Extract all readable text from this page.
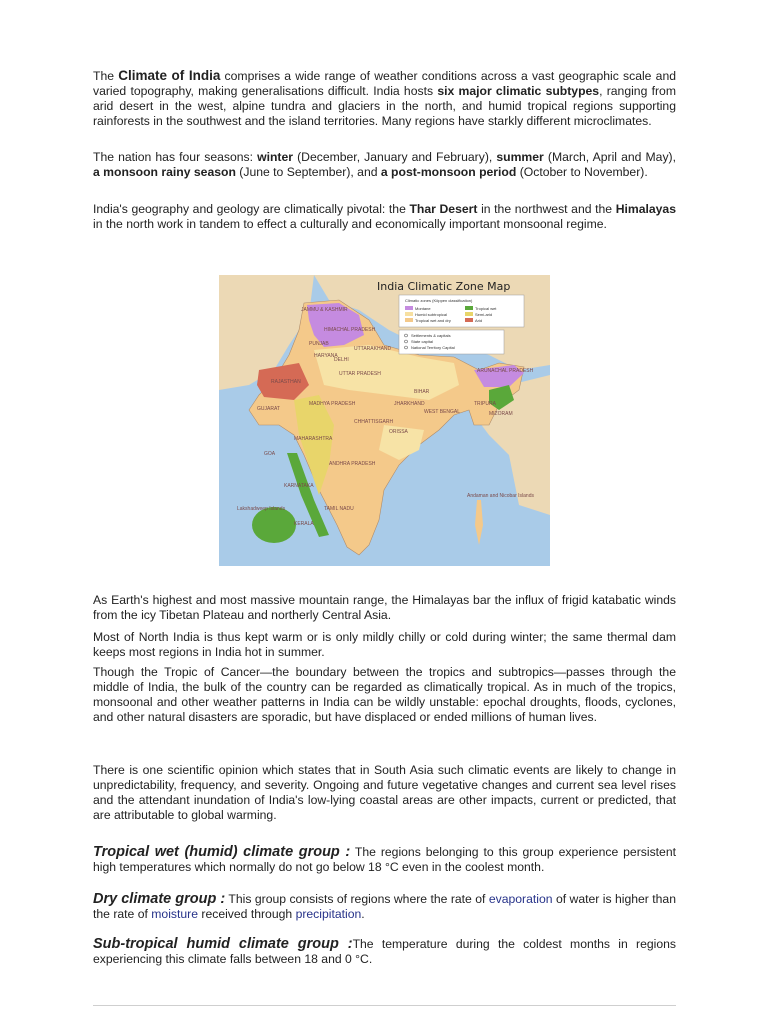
The Climate of India comprises a wide range of weather conditions across a vast geographic scale and varied topography, making generalisations difficult. India hosts six major climatic subtypes, ranging from arid desert in the west, alpine tundra and glaciers in the north, and humid tropical regions supporting rainforests in the southwest and the island territories. Many regions have starkly different microclimates.

The nation has four seasons: winter (December, January and February), summer (March, April and May), a monsoon rainy season (June to September), and a post-monsoon period (October to November).

India's geography and geology are climatically pivotal: the Thar Desert in the northwest and the Himalayas in the north work in tandem to effect a culturally and economically important monsoonal regime.

India Climatic Zone Map
Climatic zones (Köppen classification)
Montane
Humid subtropical
Tropical wet and dry
Tropical wet
Semi-arid
Arid
Settlements & capitals
State capital
National Territory Capital
JAMMU & KASHMIR
HIMACHAL PRADESH
PUNJAB
UTTARAKHAND
HARYANA
DELHI
RAJASTHAN
UTTAR PRADESH
GUJARAT
MADHYA PRADESH
BIHAR
JHARKHAND
WEST BENGAL
CHHATTISGARH
ORISSA
MAHARASHTRA
ANDHRA PRADESH
KARNATAKA
GOA
KERALA
TAMIL NADU
ARUNACHAL PRADESH
MIZORAM
TRIPURA
Lakshadweep Islands
Andaman and Nicobar Islands

As Earth's highest and most massive mountain range, the Himalayas bar the influx of frigid katabatic winds from the icy Tibetan Plateau and northerly Central Asia.

Most of North India is thus kept warm or is only mildly chilly or cold during winter; the same thermal dam keeps most regions in India hot in summer.

Though the Tropic of Cancer—the boundary between the tropics and subtropics—passes through the middle of India, the bulk of the country can be regarded as climatically tropical. As in much of the tropics, monsoonal and other weather patterns in India can be wildly unstable: epochal droughts, floods, cyclones, and other natural disasters are sporadic, but have displaced or ended millions of human lives.

There is one scientific opinion which states that in South Asia such climatic events are likely to change in unpredictability, frequency, and severity. Ongoing and future vegetative changes and current sea level rises and the attendant inundation of India's low-lying coastal areas are other impacts, current or predicted, that are attributable to global warming.

Tropical wet (humid) climate group : The regions belonging to this group experience persistent high temperatures which normally do not go below 18 °C even in the coolest month.

Dry climate group : This group consists of regions where the rate of evaporation of water is higher than the rate of moisture received through precipitation.

Sub-tropical humid climate group :The temperature during the coldest months in regions experiencing this climate falls between 18 and 0 °C.
